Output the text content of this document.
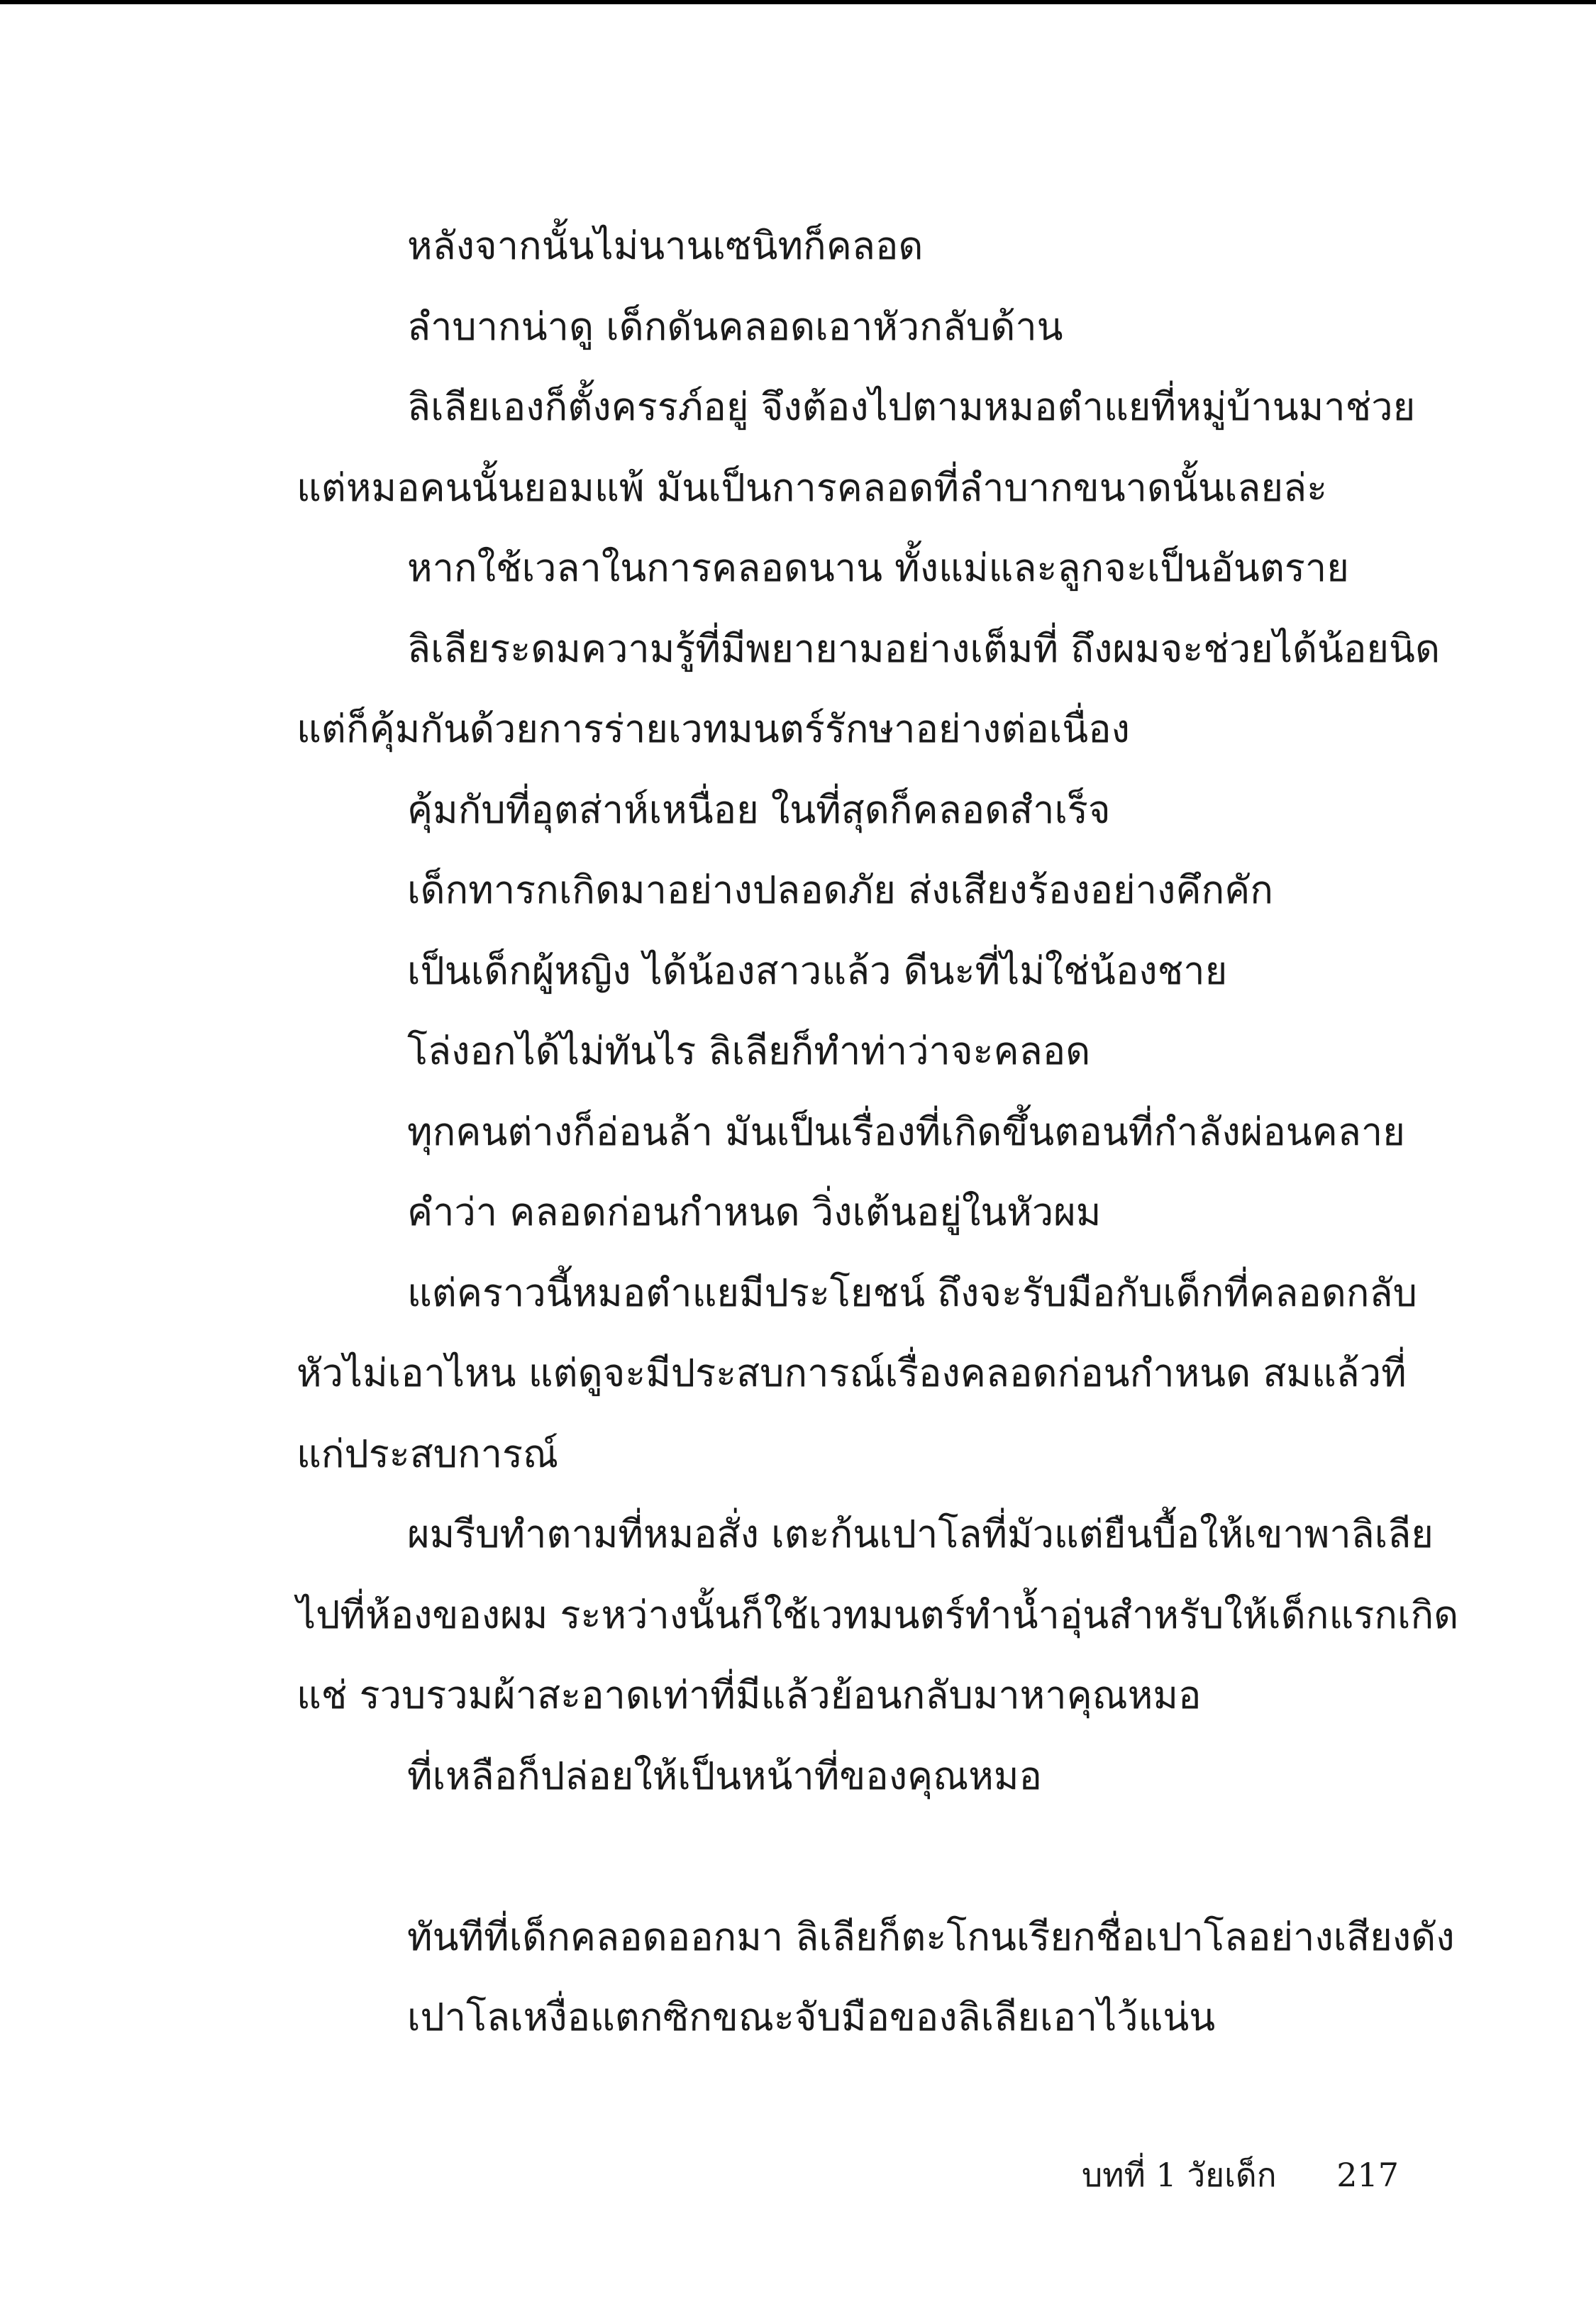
หลังจากนั้นไม่นานเซนิทก็คลอด
ลำบากน่าดู เด็กดันคลอดเอาหัวกลับด้าน
ลิเลียเองก็ตั้งครรภ์อยู่ จึงต้องไปตามหมอตำแยที่หมู่บ้านมาช่วย
แต่หมอคนนั้นยอมแพ้ มันเป็นการคลอดที่ลำบากขนาดนั้นเลยล่ะ
หากใช้เวลาในการคลอดนาน ทั้งแม่และลูกจะเป็นอันตราย
ลิเลียระดมความรู้ที่มีพยายามอย่างเต็มที่ ถึงผมจะช่วยได้น้อยนิด
แต่ก็คุ้มกันด้วยการร่ายเวทมนตร์รักษาอย่างต่อเนื่อง
คุ้มกับที่อุตส่าห์เหนื่อย ในที่สุดก็คลอดสำเร็จ
เด็กทารกเกิดมาอย่างปลอดภัย ส่งเสียงร้องอย่างคึกคัก
เป็นเด็กผู้หญิง ได้น้องสาวแล้ว ดีนะที่ไม่ใช่น้องชาย
โล่งอกได้ไม่ทันไร ลิเลียก็ทำท่าว่าจะคลอด
ทุกคนต่างก็อ่อนล้า มันเป็นเรื่องที่เกิดขึ้นตอนที่กำลังผ่อนคลาย
คำว่า คลอดก่อนกำหนด วิ่งเต้นอยู่ในหัวผม
แต่คราวนี้หมอตำแยมีประโยชน์ ถึงจะรับมือกับเด็กที่คลอดกลับ
หัวไม่เอาไหน แต่ดูจะมีประสบการณ์เรื่องคลอดก่อนกำหนด สมแล้วที่
แก่ประสบการณ์
ผมรีบทำตามที่หมอสั่ง เตะก้นเปาโลที่มัวแต่ยืนบื้อให้เขาพาลิเลีย
ไปที่ห้องของผม ระหว่างนั้นก็ใช้เวทมนตร์ทำน้ำอุ่นสำหรับให้เด็กแรกเกิด
แช่ รวบรวมผ้าสะอาดเท่าที่มีแล้วย้อนกลับมาหาคุณหมอ
ที่เหลือก็ปล่อยให้เป็นหน้าที่ของคุณหมอ
ทันทีที่เด็กคลอดออกมา ลิเลียก็ตะโกนเรียกชื่อเปาโลอย่างเสียงดัง
เปาโลเหงื่อแตกซิกขณะจับมือของลิเลียเอาไว้แน่น
บทที่ 1 วัยเด็ก 217
